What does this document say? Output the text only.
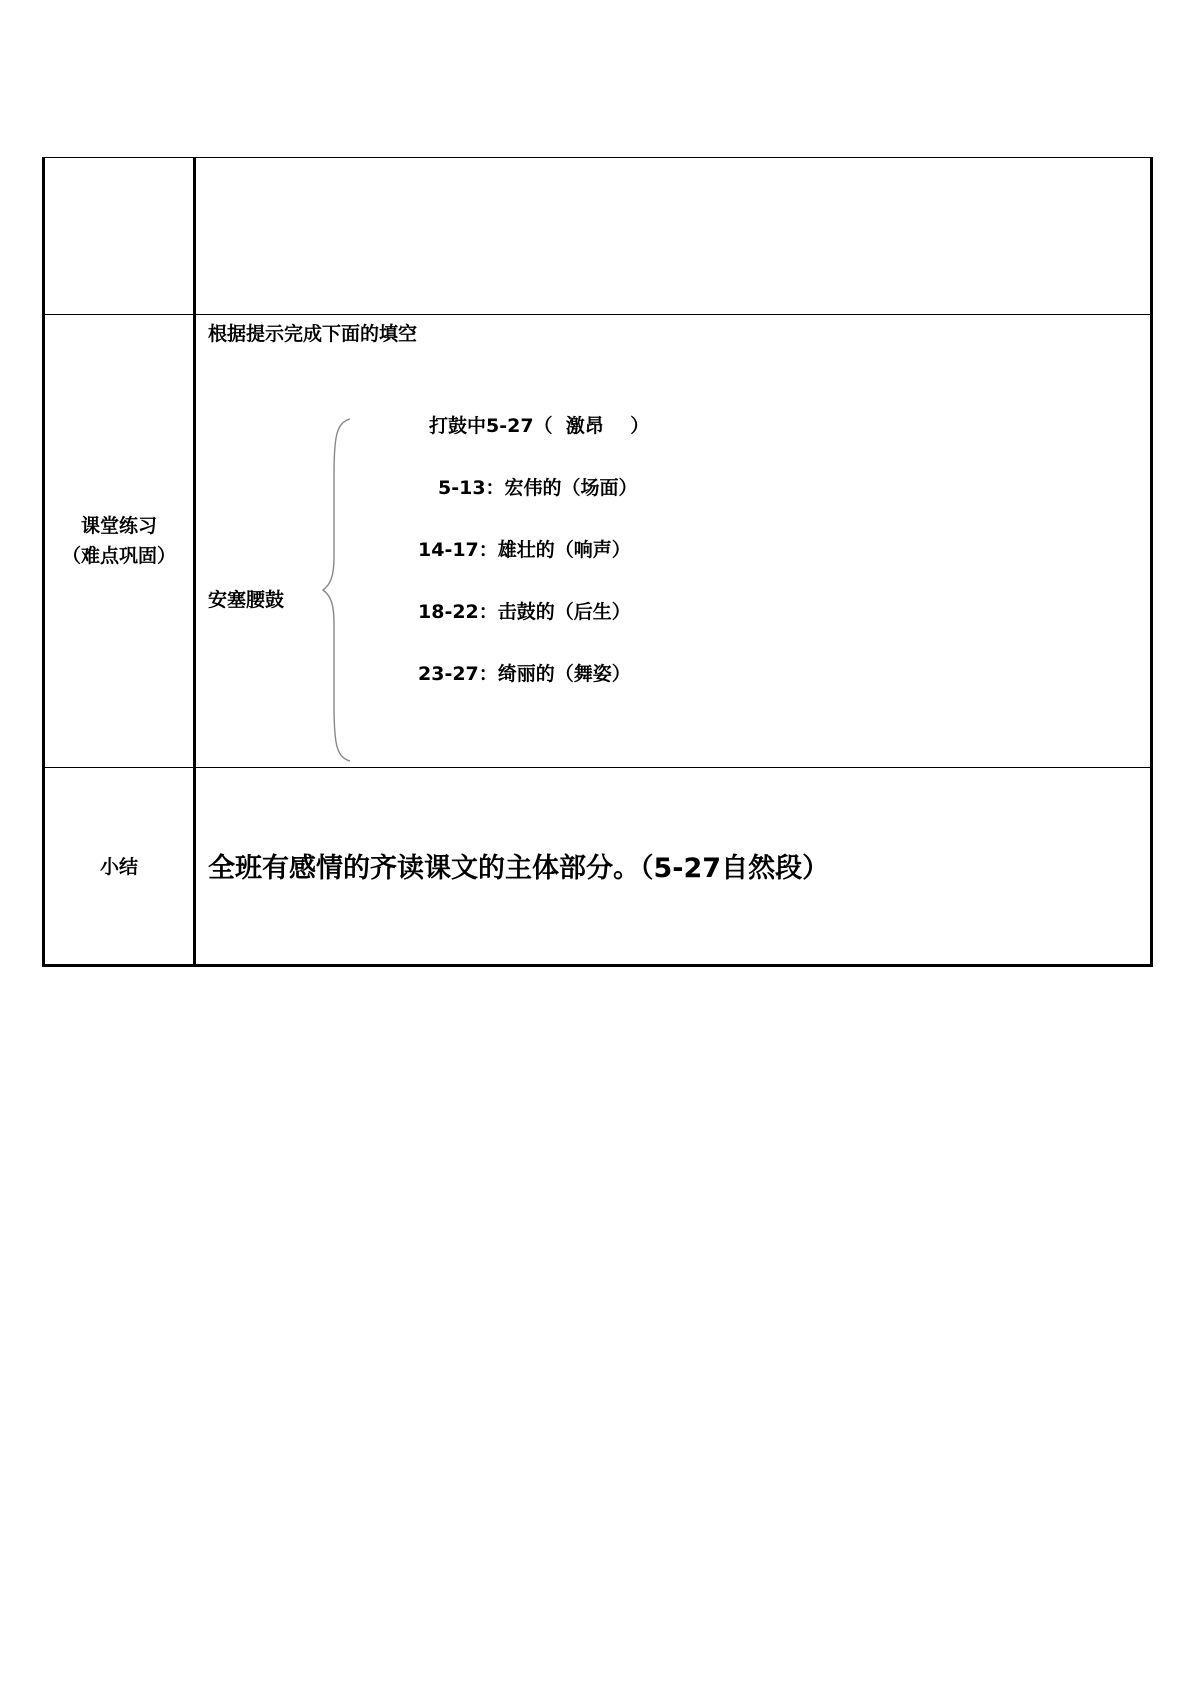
课堂练习
（难点巩固）
根据提示完成下面的填空
安塞腰鼓
打鼓中5-27（  激昂    ）
5-13：宏伟的（场面）
14-17：雄壮的（响声）
18-22：击鼓的（后生）
23-27：绮丽的（舞姿）
小结	全班有感情的齐读课文的主体部分。（5-27自然段）
